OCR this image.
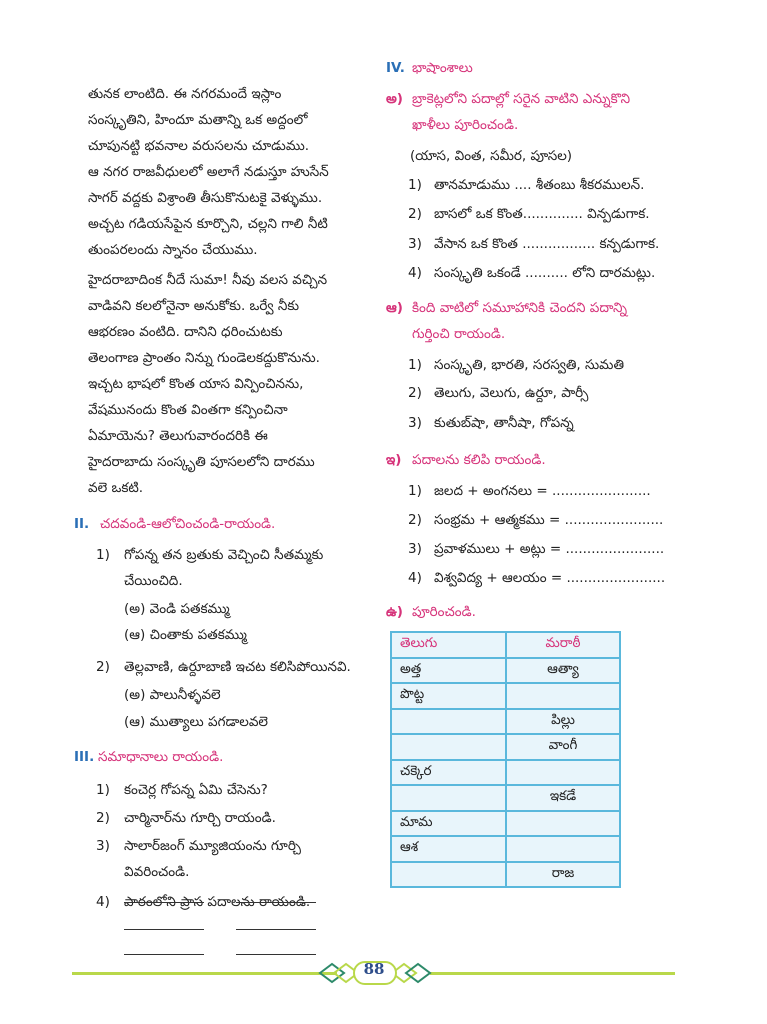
తునక లాంటిది. ఈ నగరమందే ఇస్లాం
సంస్కృతిని, హిందూ మతాన్ని ఒక అద్దంలో
చూపునట్టి భవనాల వరుసలను చూడుము.
ఆ నగర రాజవీధులలో అలాగే నడుస్తూ హుసేన్
సాగర్ వద్దకు విశ్రాంతి తీసుకొనుటకై వెళ్ళుము.
అచ్చట గడియసేపైన కూర్చొని, చల్లని గాలి నీటి
తుంపరలందు స్నానం చేయుము.
హైదరాబాదింక నీదే సుమా! నీవు వలస వచ్చిన
వాడివని కలలోనైనా అనుకోకు. ఒర్వే నీకు
ఆభరణం వంటిది. దానిని ధరించుటకు
తెలంగాణ ప్రాంతం నిన్ను గుండెలకద్దుకొనును.
ఇచ్చట భాషలో కొంత యాస విన్పించినను,
వేషమునందు కొంత వింతగా కన్పించినా
ఏమాయెను? తెలుగువారందరికి ఈ
హైదరాబాదు సంస్కృతి పూసలలోని దారము
వలె ఒకటి.
II. చదవండి-ఆలోచించండి-రాయండి.
1) గోపన్న తన బ్రతుకు వెచ్చించి సీతమ్మకు
చేయించిది.
(అ) వెండి పతకమ్ము
(ఆ) చింతాకు పతకమ్ము
2) తెల్లవాణి, ఉర్దూబాణి ఇచట కలిసిపోయినవి.
(అ) పాలునీళ్ళవలె
(ఆ) ముత్యాలు పగడాలవలె
III. సమాధానాలు రాయండి.
1) కంచెర్ల గోపన్న ఏమి చేసెను?
2) చార్మినార్‌ను గూర్చి రాయండి.
3) సాలార్‌జంగ్ మ్యూజియంను గూర్చి
వివరించండి.
4) పాఠంలోని ప్రాస పదాలను రాయండి.
IV. భాషాంశాలు
అ) బ్రాకెట్లలోని పదాల్లో సరైన వాటిని ఎన్నుకొని
ఖాళీలు పూరించండి.
(యాస, వింత, సమీర, పూసల)
1) తానమాడుము .... శీతంబు శీకరములన్.
2) బాసలో ఒక కొంత.............. విన్పడుగాక.
3) వేసాన ఒక కొంత ................. కన్పడుగాక.
4) సంస్కృతి ఒకండే .......... లోని దారమట్లు.
ఆ) కింది వాటిలో సమూహానికి చెందని పదాన్ని
గుర్తించి రాయండి.
1) సంస్కృతి, భారతి, సరస్వతి, సుమతి
2) తెలుగు, వెలుగు, ఉర్దూ, పార్సీ
3) కుతుబ్‌షా, తానీషా, గోపన్న
ఇ) పదాలను కలిపి రాయండి.
1) జలద + అంగనలు = .......................
2) సంభ్రమ + ఆత్మకము = .......................
3) ప్రవాళములు + అట్లు = .......................
4) విశ్వవిద్య + ఆలయం = .......................
ఉ) పూరించండి.
తెలుగు	మరాఠీ
అత్త	ఆత్యా
పొట్ట	
	పిల్లు
	వాంగీ
చక్కెర	
	ఇకడే
మామ	
ఆశ	
	రాజ
88
